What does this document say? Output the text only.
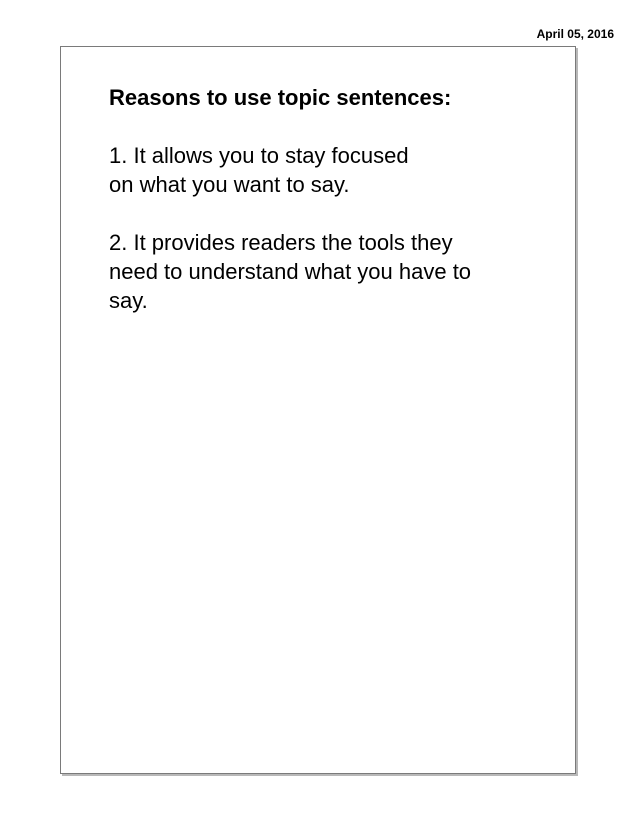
April 05, 2016
Reasons to use topic sentences:
1. It allows you to stay focused
on what you want to say.
2. It provides readers the tools they
need to understand what you have to
say.
